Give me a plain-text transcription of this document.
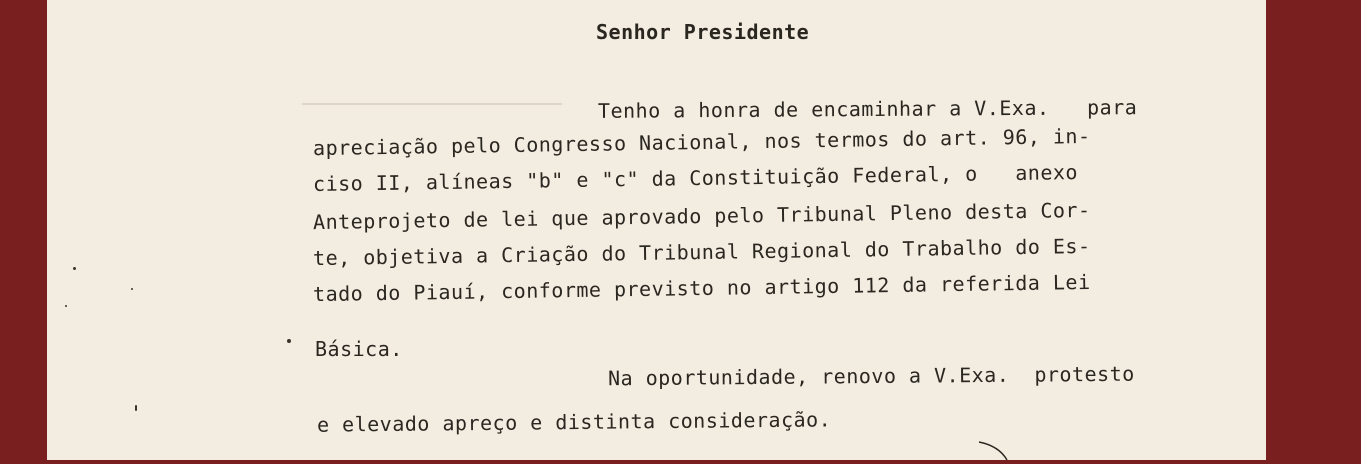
Senhor Presidente
Tenho a honra de encaminhar a V.Exa.   para
apreciação pelo Congresso Nacional, nos termos do art. 96, in-
ciso II, alíneas "b" e "c" da Constituição Federal, o   anexo
Anteprojeto de lei que aprovado pelo Tribunal Pleno desta Cor-
te, objetiva a Criação do Tribunal Regional do Trabalho do Es-
tado do Piauí, conforme previsto no artigo 112 da referida Lei
Básica.
Na oportunidade, renovo a V.Exa.  protesto
e elevado apreço e distinta consideração.
